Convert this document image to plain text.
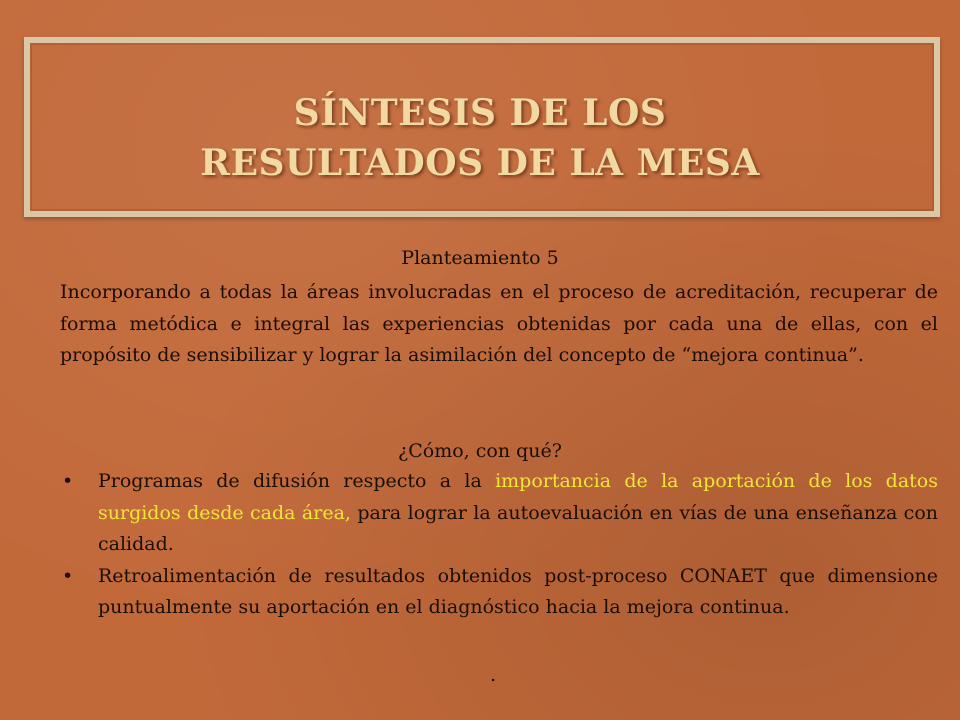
SÍNTESIS DE LOS
RESULTADOS DE LA MESA
Planteamiento 5
Incorporando a todas la áreas involucradas en el proceso de acreditación, recuperar de forma metódica e integral las experiencias obtenidas por cada una de ellas, con el propósito de sensibilizar y lograr la asimilación del concepto de “mejora continua”.
¿Cómo, con qué?
• Programas de difusión respecto a la importancia de la aportación de los datos surgidos desde cada área, para lograr la autoevaluación en vías de una enseñanza con calidad.
• Retroalimentación de resultados obtenidos post-proceso CONAET que dimensione puntualmente su aportación en el diagnóstico hacia la mejora continua.
.
